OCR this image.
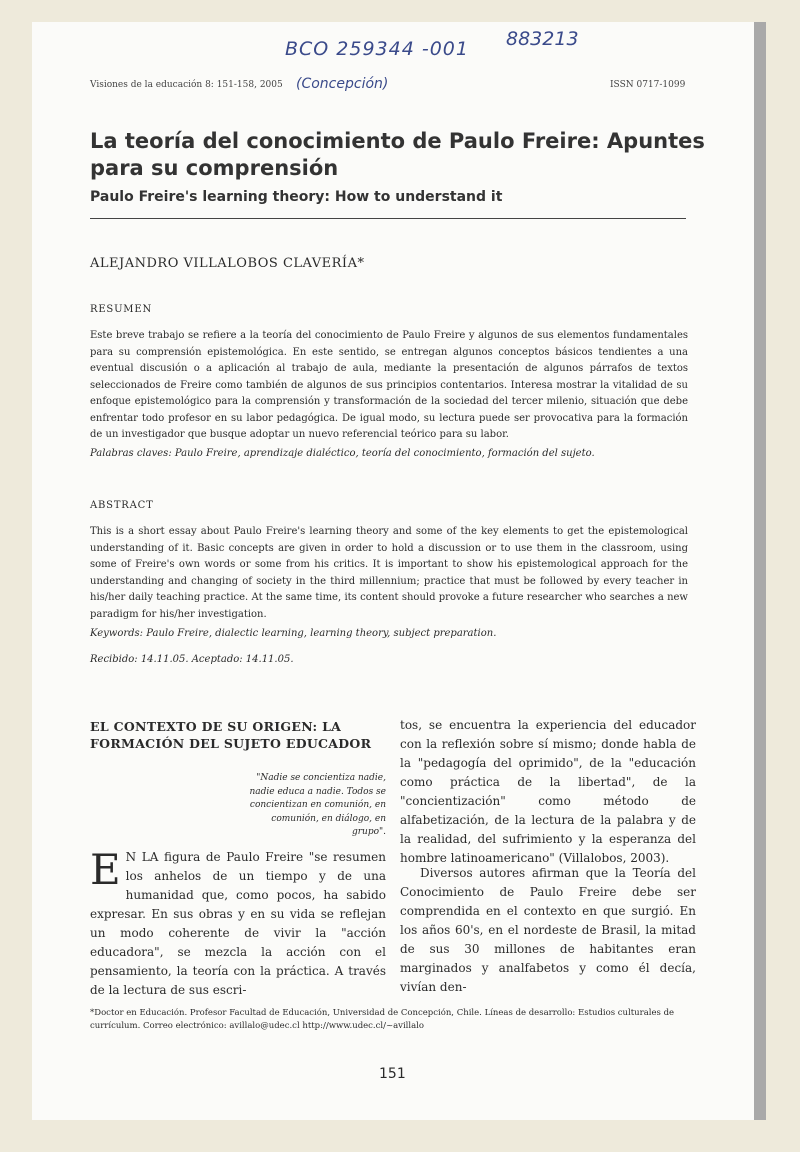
BCO 259344 -001 883213
(Concepción)
Visiones de la educación 8: 151-158, 2005	ISSN 0717-1099
La teoría del conocimiento de Paulo Freire: Apuntes para su comprensión
Paulo Freire's learning theory: How to understand it
ALEJANDRO VILLALOBOS CLAVERÍA*
RESUMEN

Este breve trabajo se refiere a la teoría del conocimiento de Paulo Freire y algunos de sus elementos fundamentales para su comprensión epistemológica. En este sentido, se entregan algunos conceptos básicos tendientes a una eventual discusión o a aplicación al trabajo de aula, mediante la presentación de algunos párrafos de textos seleccionados de Freire como también de algunos de sus principios contentarios. Interesa mostrar la vitalidad de su enfoque epistemológico para la comprensión y transformación de la sociedad del tercer milenio, situación que debe enfrentar todo profesor en su labor pedagógica. De igual modo, su lectura puede ser provocativa para la formación de un investigador que busque adoptar un nuevo referencial teórico para su labor.

Palabras claves: Paulo Freire, aprendizaje dialéctico, teoría del conocimiento, formación del sujeto.
ABSTRACT

This is a short essay about Paulo Freire's learning theory and some of the key elements to get the epistemological understanding of it. Basic concepts are given in order to hold a discussion or to use them in the classroom, using some of Freire's own words or some from his critics. It is important to show his epistemological approach for the understanding and changing of society in the third millennium; practice that must be followed by every teacher in his/her daily teaching practice. At the same time, its content should provoke a future researcher who searches a new paradigm for his/her investigation.

Keywords: Paulo Freire, dialectic learning, learning theory, subject preparation.
Recibido: 14.11.05. Aceptado: 14.11.05.
EL CONTEXTO DE SU ORIGEN: LA FORMACIÓN DEL SUJETO EDUCADOR

"Nadie se concientiza nadie, nadie educa a nadie. Todos se concientizan en comunión, en comunión, en diálogo, en grupo".

E N LA figura de Paulo Freire "se resumen los anhelos de un tiempo y de una humanidad que, como pocos, ha sabido expresar. En sus obras y en su vida se reflejan un modo coherente de vivir la "acción educadora", se mezcla la acción con el pensamiento, la teoría con la práctica. A través de la lectura de sus escri-

tos, se encuentra la experiencia del educador con la reflexión sobre sí mismo; donde habla de la "pedagogía del oprimido", de la "educación como práctica de la libertad", de la "concientización" como método de alfabetización, de la lectura de la palabra y de la realidad, del sufrimiento y la esperanza del hombre latinoamericano" (Villalobos, 2003).

Diversos autores afirman que la Teoría del Conocimiento de Paulo Freire debe ser comprendida en el contexto en que surgió. En los años 60's, en el nordeste de Brasil, la mitad de sus 30 millones de habitantes eran marginados y analfabetos y como él decía, vivían den-

*Doctor en Educación. Profesor Facultad de Educación, Universidad de Concepción, Chile. Líneas de desarrollo: Estudios culturales de currículum. Correo electrónico: avillalo@udec.cl http://www.udec.cl/~avillalo

151
